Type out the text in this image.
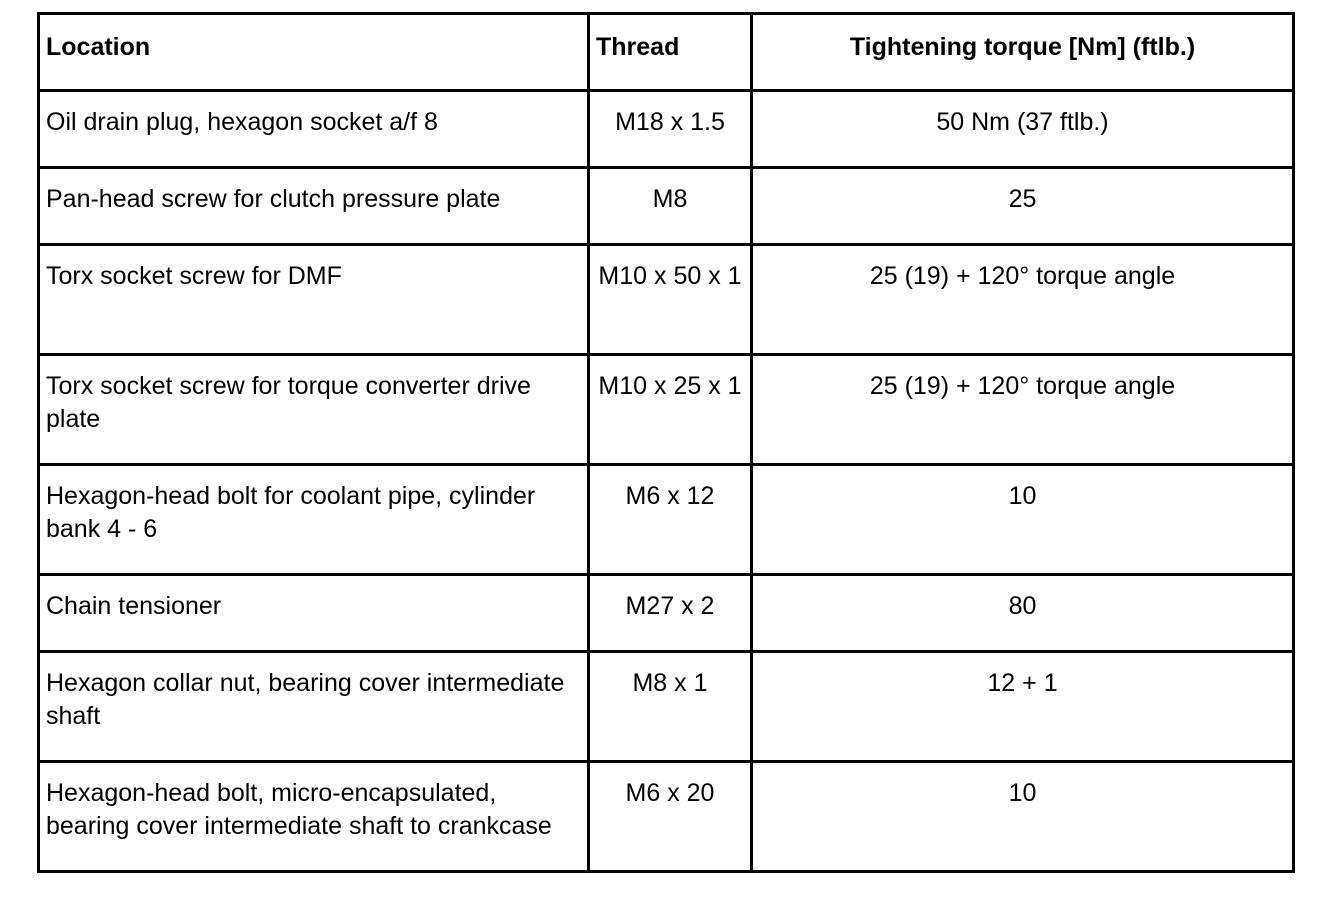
Location	Thread	Tightening torque [Nm] (ftlb.)
Oil drain plug, hexagon socket a/f 8	M18 x 1.5	50 Nm (37 ftlb.)
Pan-head screw for clutch pressure plate	M8	25
Torx socket screw for DMF	M10 x 50 x 1	25 (19) + 120° torque angle
Torx socket screw for torque converter drive plate	M10 x 25 x 1	25 (19) + 120° torque angle
Hexagon-head bolt for coolant pipe, cylinder bank 4 - 6	M6 x 12	10
Chain tensioner	M27 x 2	80
Hexagon collar nut, bearing cover intermediate shaft	M8 x 1	12 + 1
Hexagon-head bolt, micro-encapsulated, bearing cover intermediate shaft to crankcase	M6 x 20	10
